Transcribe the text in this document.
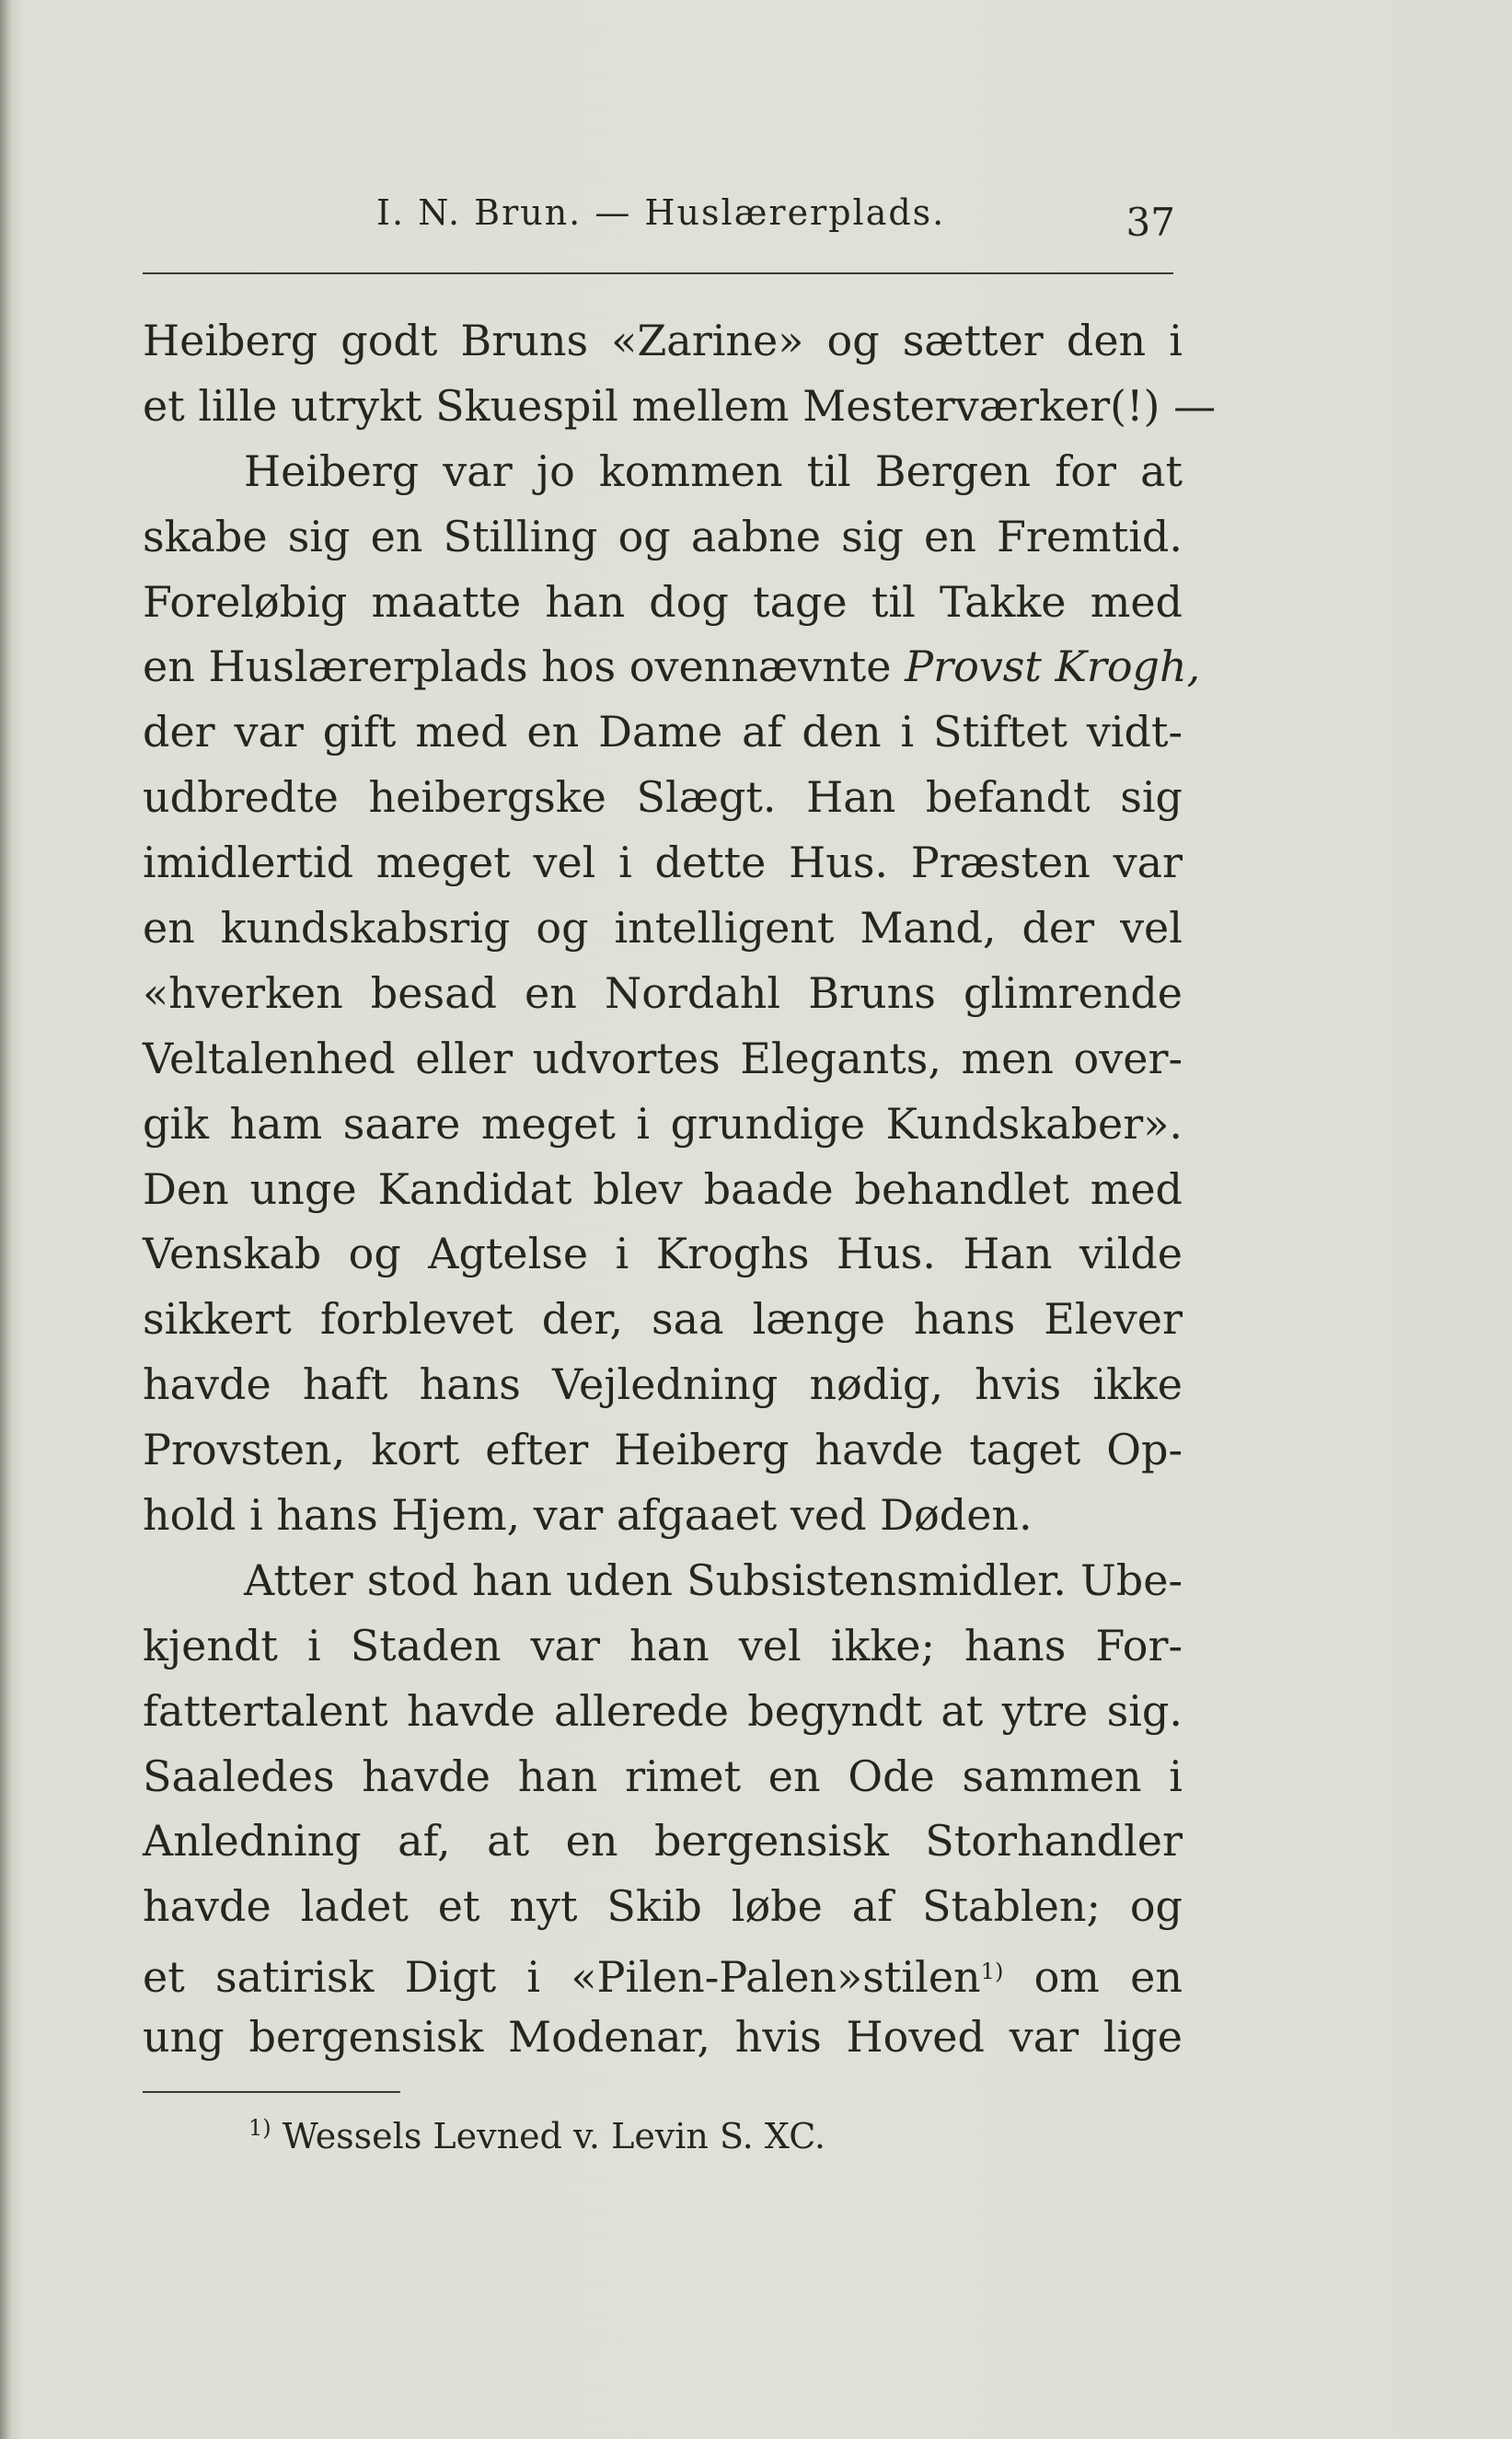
I. N. Brun. — Huslærerplads.	37
Heiberg godt Bruns «Zarine» og sætter den i
et lille utrykt Skuespil mellem Mesterværker(!) —
Heiberg var jo kommen til Bergen for at
skabe sig en Stilling og aabne sig en Fremtid.
Foreløbig maatte han dog tage til Takke med
en Huslærerplads hos ovennævnte Provst Krogh,
der var gift med en Dame af den i Stiftet vidt-
udbredte heibergske Slægt. Han befandt sig
imidlertid meget vel i dette Hus. Præsten var
en kundskabsrig og intelligent Mand, der vel
«hverken besad en Nordahl Bruns glimrende
Veltalenhed eller udvortes Elegants, men over-
gik ham saare meget i grundige Kundskaber».
Den unge Kandidat blev baade behandlet med
Venskab og Agtelse i Kroghs Hus. Han vilde
sikkert forblevet der, saa længe hans Elever
havde haft hans Vejledning nødig, hvis ikke
Provsten, kort efter Heiberg havde taget Op-
hold i hans Hjem, var afgaaet ved Døden.
Atter stod han uden Subsistensmidler. Ube-
kjendt i Staden var han vel ikke; hans For-
fattertalent havde allerede begyndt at ytre sig.
Saaledes havde han rimet en Ode sammen i
Anledning af, at en bergensisk Storhandler
havde ladet et nyt Skib løbe af Stablen; og
et satirisk Digt i «Pilen-Palen»stilen$^{1)}$ om en
ung bergensisk Modenar, hvis Hoved var lige
$^{1)}$ Wessels Levned v. Levin S. XC.
